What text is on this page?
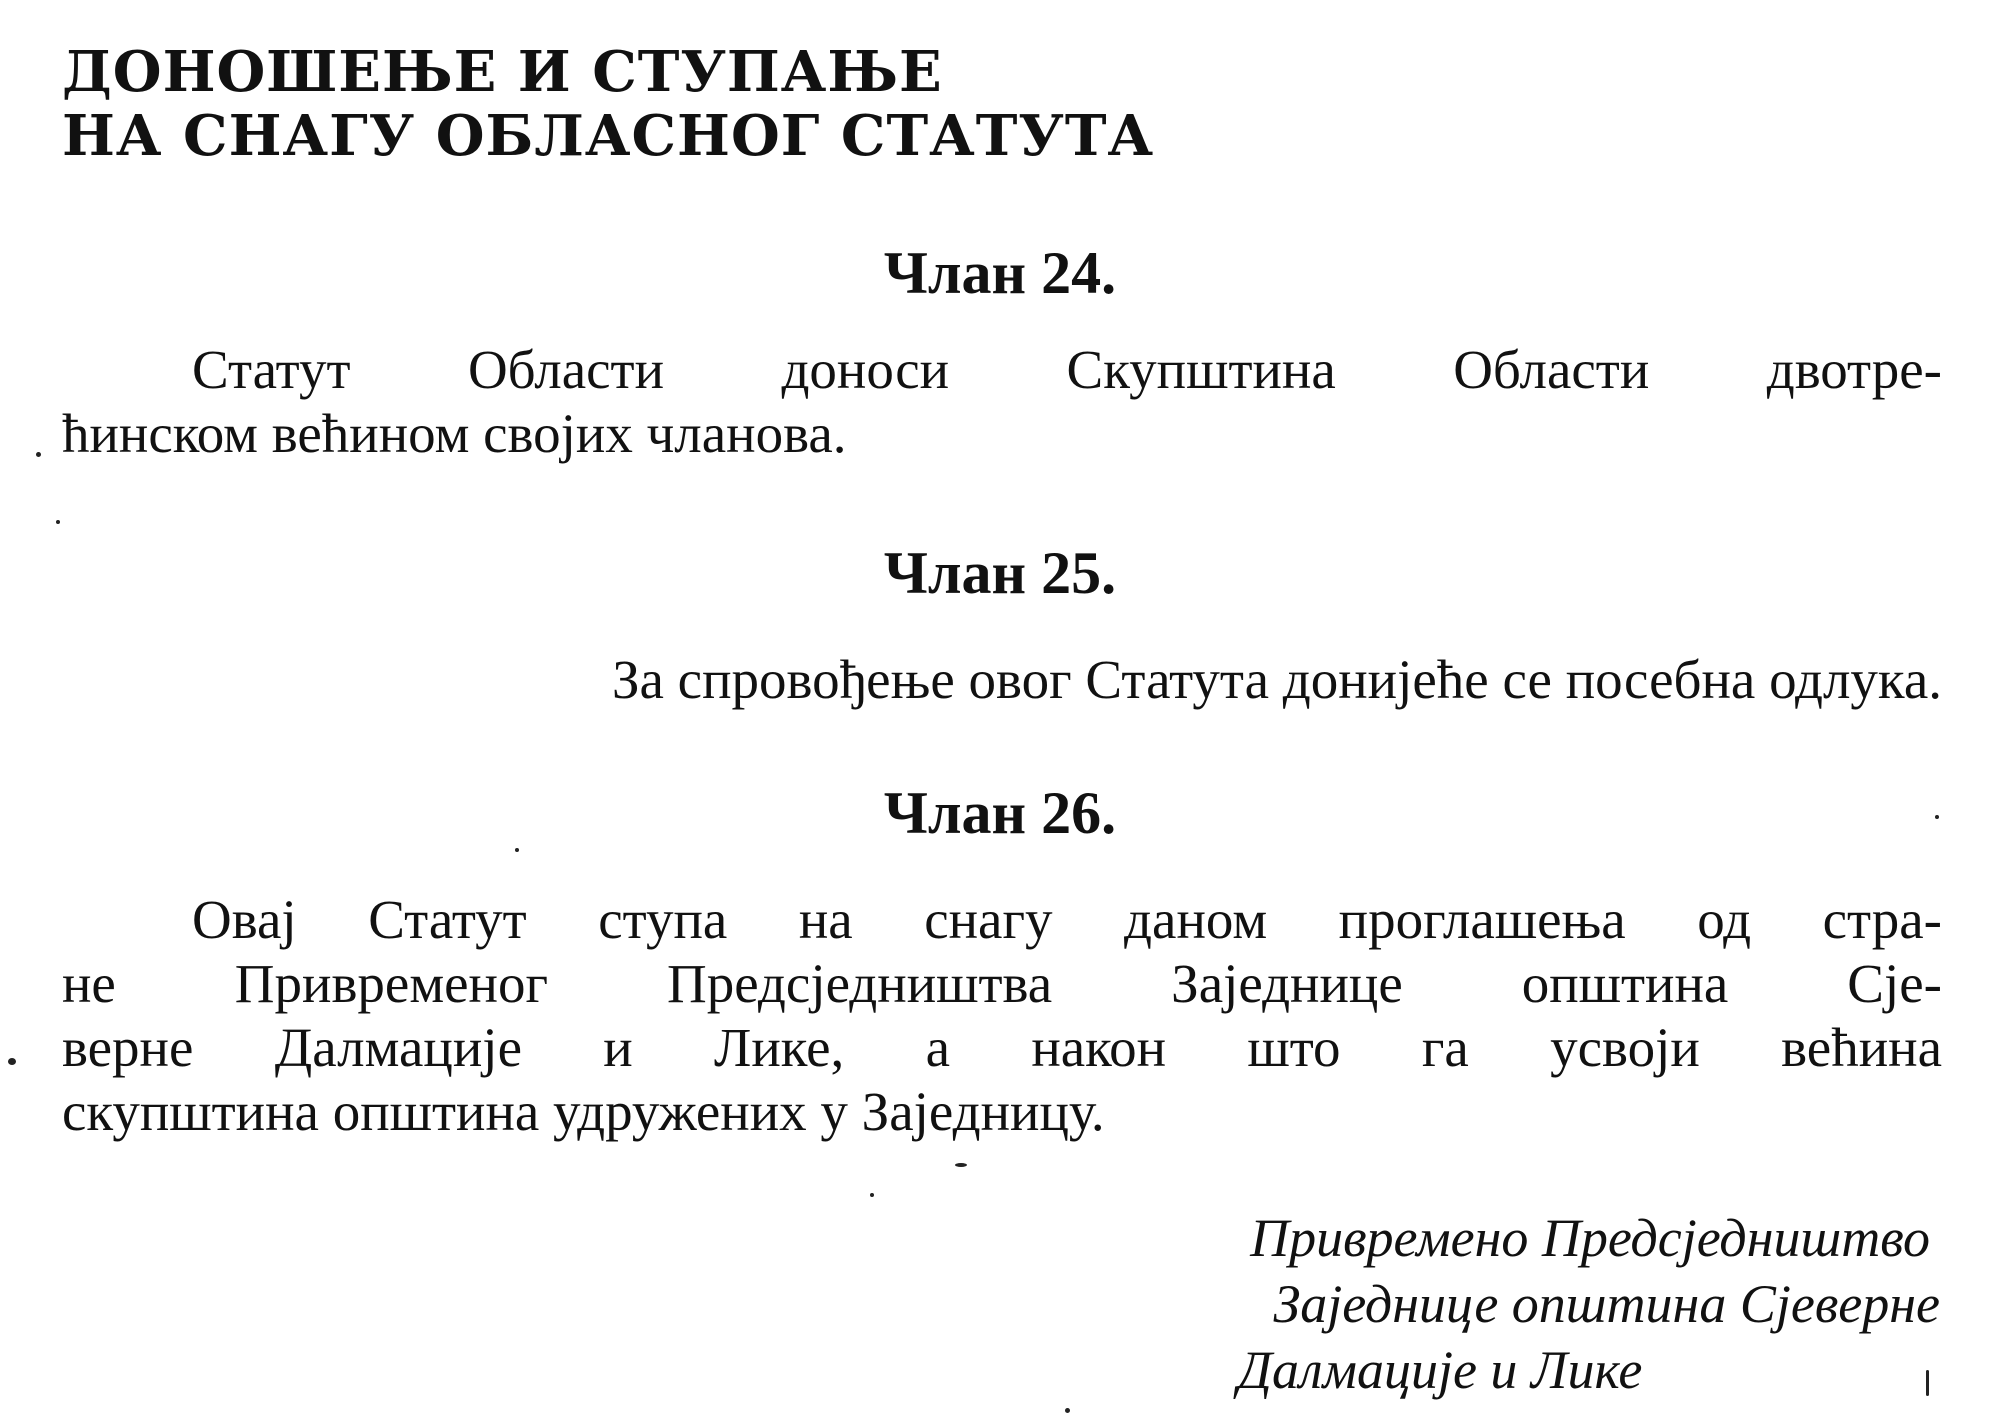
ДОНОШЕЊЕ И СТУПАЊЕ
НА СНАГУ ОБЛАСНОГ СТАТУТА
Члан 24.

Статут Области доноси Скупштина Области двотре-
ћинском већином својих чланова.

Члан 25.

За спровођење овог Статута донијеће се посебна одлука.

Члан 26.

Овај Статут ступа на снагу даном проглашења од стра-
не Привременог Предсједништва Заједнице општина Сје-
верне Далмације и Лике, а након што га усвоји већина
скупштина општина удружених у Заједницу.

Привремено Предсједништво
Заједнице општина Сјеверне
Далмације и Лике
